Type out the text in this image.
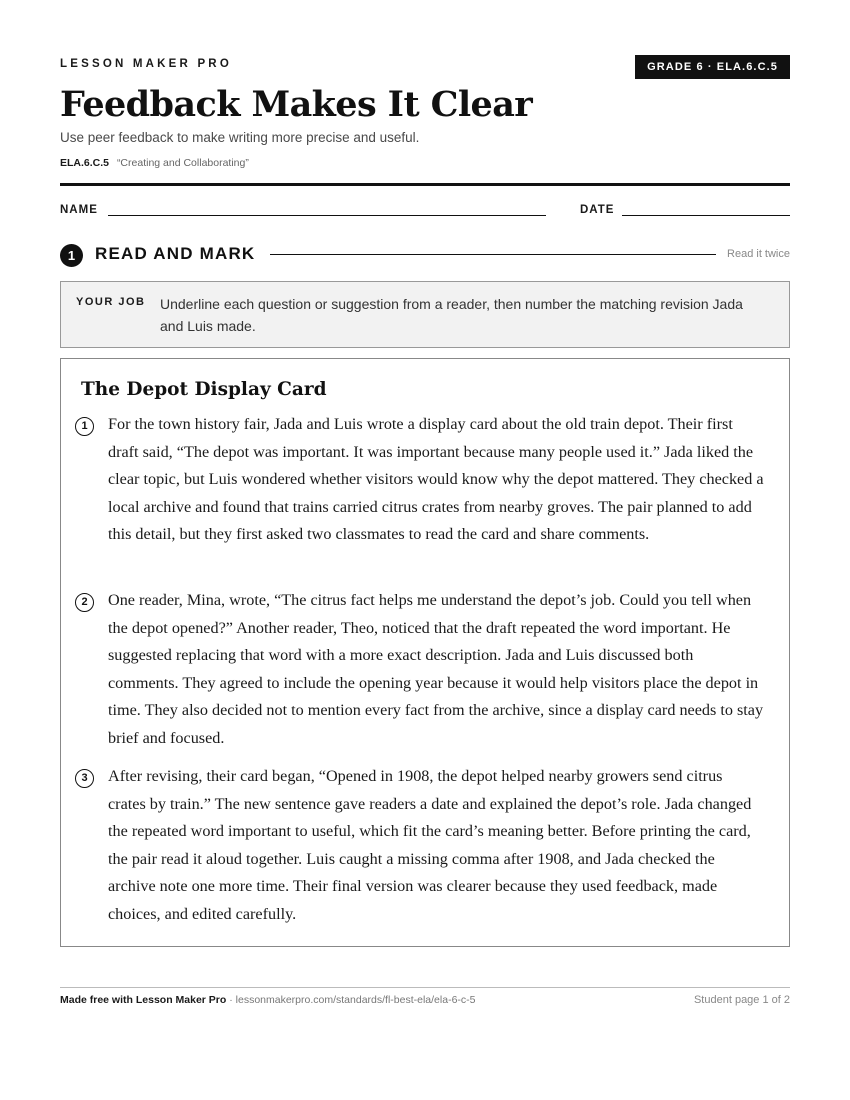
LESSON MAKER PRO	GRADE 6 · ELA.6.C.5
Feedback Makes It Clear
Use peer feedback to make writing more precise and useful.
ELA.6.C.5 “Creating and Collaborating”
NAME	DATE
1	READ AND MARK	Read it twice
YOUR JOB Underline each question or suggestion from a reader, then number the matching revision Jada and Luis made.
The Depot Display Card
1	For the town history fair, Jada and Luis wrote a display card about the old train depot. Their first draft said, “The depot was important. It was important because many people used it.” Jada liked the clear topic, but Luis wondered whether visitors would know why the depot mattered. They checked a local archive and found that trains carried citrus crates from nearby groves. The pair planned to add this detail, but they first asked two classmates to read the card and share comments.

2	One reader, Mina, wrote, “The citrus fact helps me understand the depot’s job. Could you tell when the depot opened?” Another reader, Theo, noticed that the draft repeated the word important. He suggested replacing that word with a more exact description. Jada and Luis discussed both comments. They agreed to include the opening year because it would help visitors place the depot in time. They also decided not to mention every fact from the archive, since a display card needs to stay brief and focused.

3	After revising, their card began, “Opened in 1908, the depot helped nearby growers send citrus crates by train.” The new sentence gave readers a date and explained the depot’s role. Jada changed the repeated word important to useful, which fit the card’s meaning better. Before printing the card, the pair read it aloud together. Luis caught a missing comma after 1908, and Jada checked the archive note one more time. Their final version was clearer because they used feedback, made choices, and edited carefully.

Made free with Lesson Maker Pro · lessonmakerpro.com/standards/fl-best-ela/ela-6-c-5	Student page 1 of 2
